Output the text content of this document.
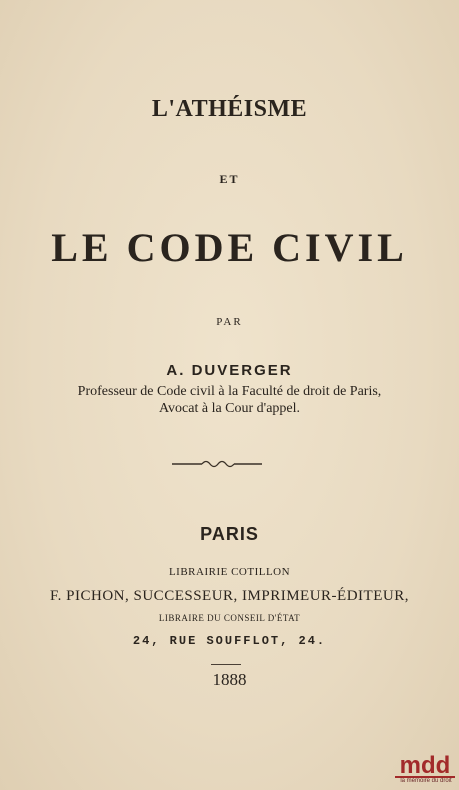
L'ATHÉISME
ET
LE CODE CIVIL
PAR
A. DUVERGER
Professeur de Code civil à la Faculté de droit de Paris,
Avocat à la Cour d'appel.
PARIS
LIBRAIRIE COTILLON
F. PICHON, SUCCESSEUR, IMPRIMEUR-ÉDITEUR,
LIBRAIRE DU CONSEIL D'ÉTAT
24, RUE SOUFFLOT, 24.
1888
mdd
la mémoire du droit
